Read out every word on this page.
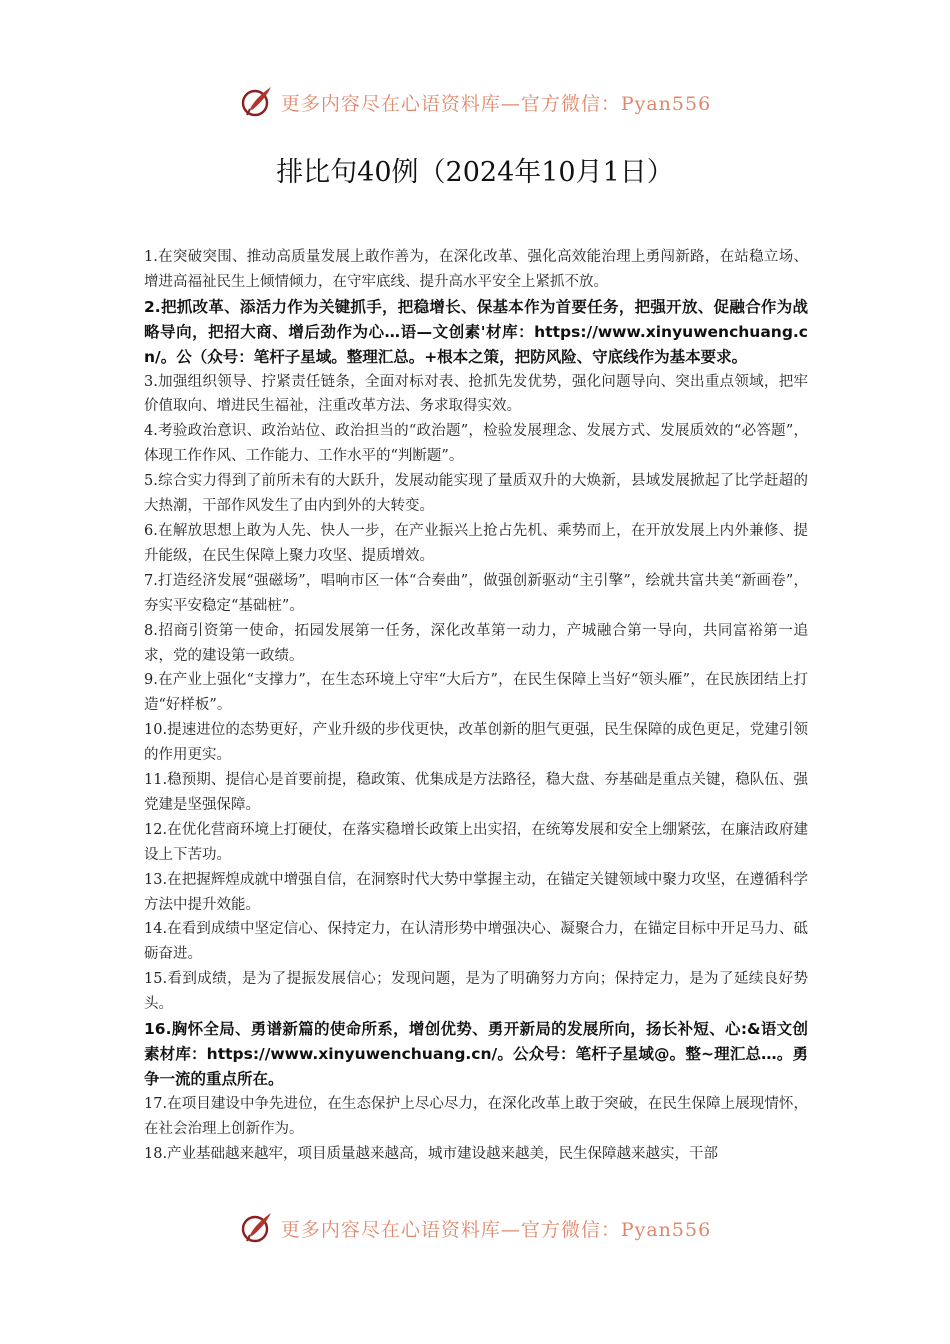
更多内容尽在心语资料库—官方微信：Pyan556
排比句40例（2024年10月1日）

1.在突破突围、推动高质量发展上敢作善为，在深化改革、强化高效能治理上勇闯新路，在站稳立场、增进高福祉民生上倾情倾力，在守牢底线、提升高水平安全上紧抓不放。

2.把抓改革、添活力作为关键抓手，把稳增长、保基本作为首要任务，把强开放、促融合作为战略导向，把招大商、增后劲作为心…语—文创素'材库：https://www.xinyuwenchuang.cn/。公（众号：笔杆子星域。整理汇总。+根本之策，把防风险、守底线作为基本要求。

3.加强组织领导、拧紧责任链条，全面对标对表、抢抓先发优势，强化问题导向、突出重点领域，把牢价值取向、增进民生福祉，注重改革方法、务求取得实效。

4.考验政治意识、政治站位、政治担当的“政治题”，检验发展理念、发展方式、发展质效的“必答题”，体现工作作风、工作能力、工作水平的“判断题”。

5.综合实力得到了前所未有的大跃升，发展动能实现了量质双升的大焕新，县域发展掀起了比学赶超的大热潮，干部作风发生了由内到外的大转变。

6.在解放思想上敢为人先、快人一步，在产业振兴上抢占先机、乘势而上，在开放发展上内外兼修、提升能级，在民生保障上聚力攻坚、提质增效。

7.打造经济发展“强磁场”，唱响市区一体“合奏曲”，做强创新驱动“主引擎”，绘就共富共美“新画卷”，夯实平安稳定“基础桩”。

8.招商引资第一使命，拓园发展第一任务，深化改革第一动力，产城融合第一导向，共同富裕第一追求，党的建设第一政绩。

9.在产业上强化“支撑力”，在生态环境上守牢“大后方”，在民生保障上当好“领头雁”，在民族团结上打造“好样板”。

10.提速进位的态势更好，产业升级的步伐更快，改革创新的胆气更强，民生保障的成色更足，党建引领的作用更实。

11.稳预期、提信心是首要前提，稳政策、优集成是方法路径，稳大盘、夯基础是重点关键，稳队伍、强党建是坚强保障。

12.在优化营商环境上打硬仗，在落实稳增长政策上出实招，在统筹发展和安全上绷紧弦，在廉洁政府建设上下苦功。

13.在把握辉煌成就中增强自信，在洞察时代大势中掌握主动，在锚定关键领域中聚力攻坚，在遵循科学方法中提升效能。

14.在看到成绩中坚定信心、保持定力，在认清形势中增强决心、凝聚合力，在锚定目标中开足马力、砥砺奋进。

15.看到成绩，是为了提振发展信心；发现问题，是为了明确努力方向；保持定力，是为了延续良好势头。

16.胸怀全局、勇谱新篇的使命所系，增创优势、勇开新局的发展所向，扬长补短、心:&语文创素材库：https://www.xinyuwenchuang.cn/。公众号：笔杆子星域@。整~理汇总…。勇争一流的重点所在。

17.在项目建设中争先进位，在生态保护上尽心尽力，在深化改革上敢于突破，在民生保障上展现情怀，在社会治理上创新作为。

18.产业基础越来越牢，项目质量越来越高，城市建设越来越美，民生保障越来越实，干部

更多内容尽在心语资料库—官方微信：Pyan556
